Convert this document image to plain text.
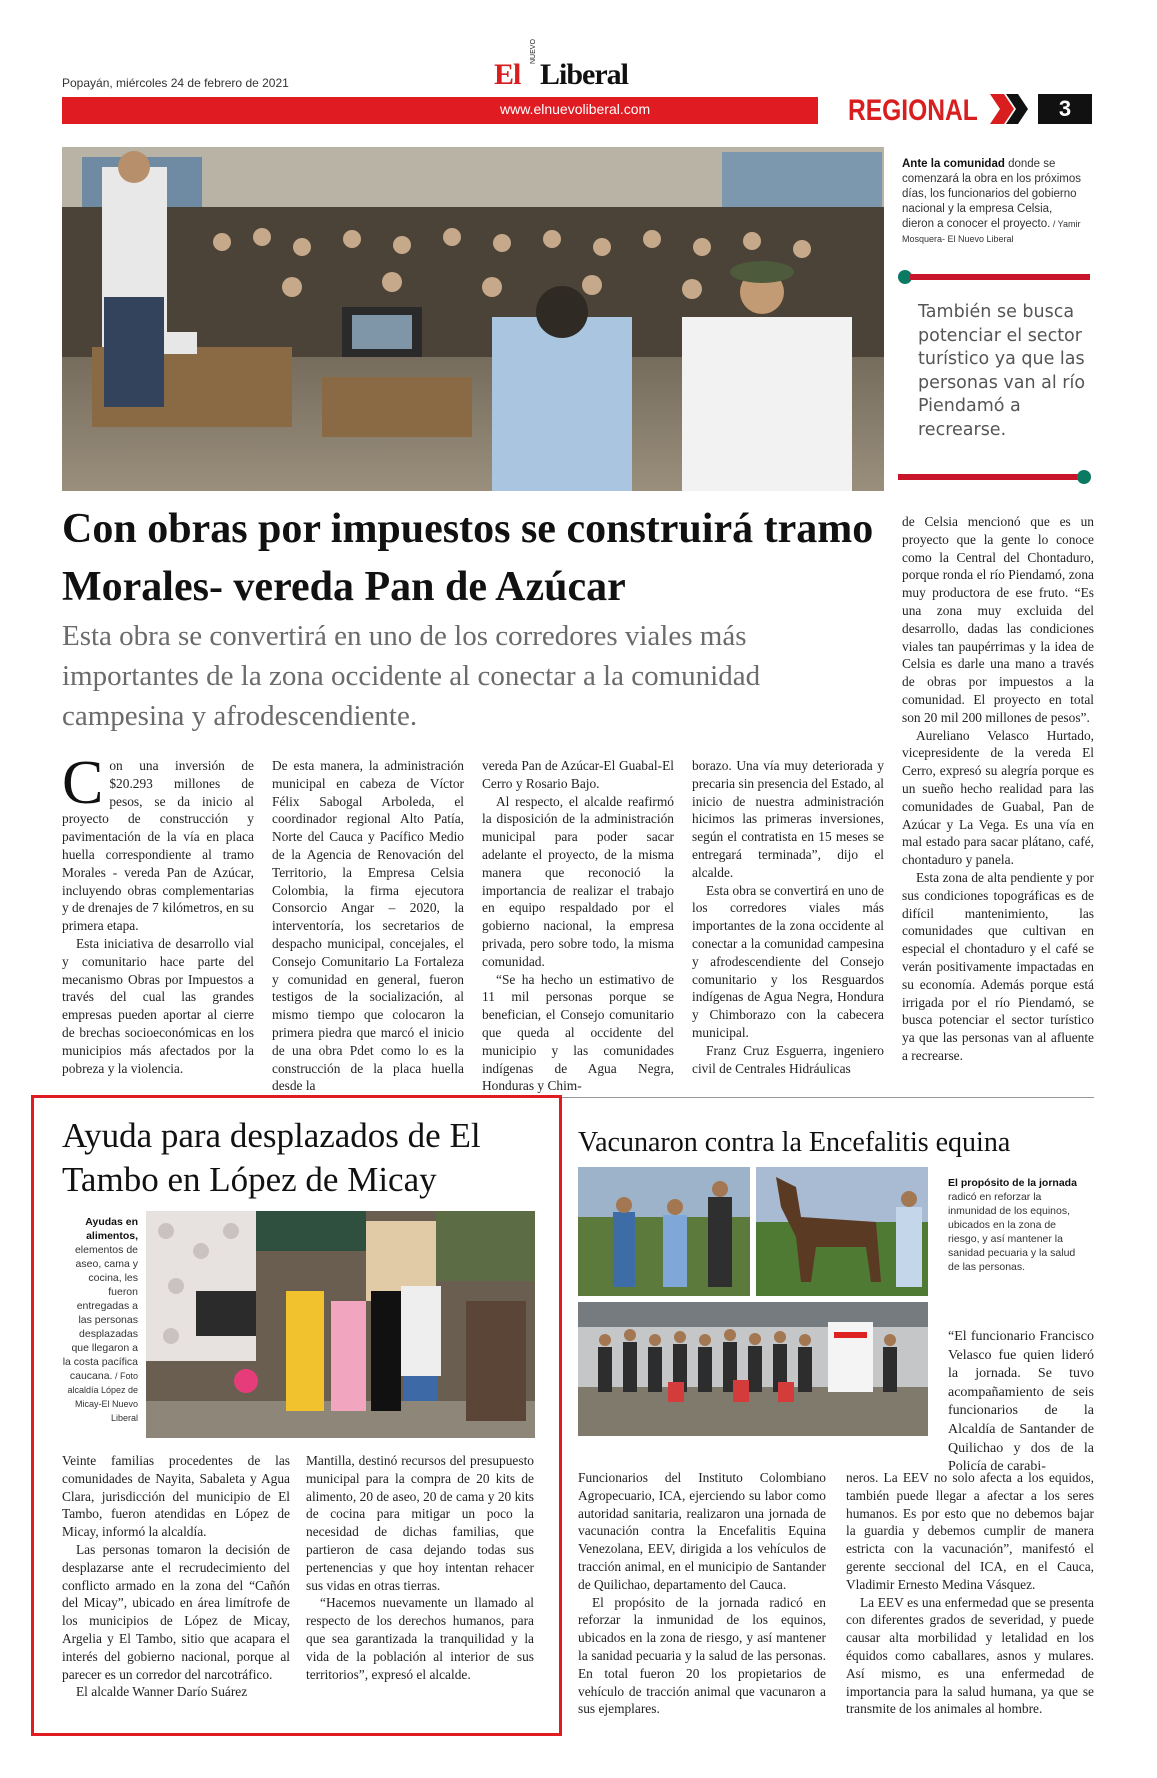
Popayán, miércoles 24 de febrero de 2021	El
NUEVO
Liberal
www.elnuevoliberal.com	REGIONAL	3
Ante la comunidad donde se comenzará la obra en los próximos días, los funcionarios del gobierno nacional y la empresa Celsia, dieron a conocer el proyecto. / Yamir Mosquera- El Nuevo Liberal
También se busca potenciar el sector turístico ya que las personas van al río Piendamó a recrearse.
Con obras por impuestos se construirá tramo Morales- vereda Pan de Azúcar
Esta obra se convertirá en uno de los corredores viales más importantes de la zona occidente al conectar a la comunidad campesina y afrodescendiente.

Con una inversión de $20.293 millones de pesos, se da inicio al proyecto de construcción y pavimentación de la vía en placa huella correspondiente al tramo Morales - vereda Pan de Azúcar, incluyendo obras complementarias y de drenajes de 7 kilómetros, en su primera etapa.

Esta iniciativa de desarrollo vial y comunitario hace parte del mecanismo Obras por Impuestos a través del cual las grandes empresas pueden aportar al cierre de brechas socioeconómicas en los municipios más afectados por la pobreza y la violencia.

De esta manera, la administración municipal en cabeza de Víctor Félix Sabogal Arboleda, el coordinador regional Alto Patía, Norte del Cauca y Pacífico Medio de la Agencia de Renovación del Territorio, la Empresa Celsia Colombia, la firma ejecutora Consorcio Angar – 2020, la interventoría, los secretarios de despacho municipal, concejales, el Consejo Comunitario La Fortaleza y comunidad en general, fueron testigos de la socialización, al mismo tiempo que colocaron la primera piedra que marcó el inicio de una obra Pdet como lo es la construcción de la placa huella desde la

vereda Pan de Azúcar-El Guabal-El Cerro y Rosario Bajo.

Al respecto, el alcalde reafirmó la disposición de la administración municipal para poder sacar adelante el proyecto, de la misma manera que reconoció la importancia de realizar el trabajo en equipo respaldado por el gobierno nacional, la empresa privada, pero sobre todo, la misma comunidad.

“Se ha hecho un estimativo de 11 mil personas porque se benefician, el Consejo comunitario que queda al occidente del municipio y las comunidades indígenas de Agua Negra, Honduras y Chim-

borazo. Una vía muy deteriorada y precaria sin presencia del Estado, al inicio de nuestra administración hicimos las primeras inversiones, según el contratista en 15 meses se entregará terminada”, dijo el alcalde.

Esta obra se convertirá en uno de los corredores viales más importantes de la zona occidente al conectar a la comunidad campesina y afrodescendiente del Consejo comunitario y los Resguardos indígenas de Agua Negra, Hondura y Chimborazo con la cabecera municipal.

Franz Cruz Esguerra, ingeniero civil de Centrales Hidráulicas

de Celsia mencionó que es un proyecto que la gente lo conoce como la Central del Chontaduro, porque ronda el río Piendamó, zona muy productora de ese fruto. “Es una zona muy excluida del desarrollo, dadas las condiciones viales tan paupérrimas y la idea de Celsia es darle una mano a través de obras por impuestos a la comunidad. El proyecto en total son 20 mil 200 millones de pesos”.

Aureliano Velasco Hurtado, vicepresidente de la vereda El Cerro, expresó su alegría porque es un sueño hecho realidad para las comunidades de Guabal, Pan de Azúcar y La Vega. Es una vía en mal estado para sacar plátano, café, chontaduro y panela.

Esta zona de alta pendiente y por sus condiciones topográficas es de difícil mantenimiento, las comunidades que cultivan en especial el chontaduro y el café se verán positivamente impactadas en su economía. Además porque está irrigada por el río Piendamó, se busca potenciar el sector turístico ya que las personas van al afluente a recrearse.

Ayuda para desplazados de El Tambo en López de Micay
Ayudas en alimentos, elementos de aseo, cama y cocina, les fueron entregadas a las personas desplazadas que llegaron a la costa pacífica caucana. / Foto alcaldía López de Micay-El Nuevo Liberal

Veinte familias procedentes de las comunidades de Nayita, Sabaleta y Agua Clara, jurisdicción del municipio de El Tambo, fueron atendidas en López de Micay, informó la alcaldía.

Las personas tomaron la decisión de desplazarse ante el recrudecimiento del conflicto armado en la zona del “Cañón del Micay”, ubicado en área limítrofe de los municipios de López de Micay, Argelia y El Tambo, sitio que acapara el interés del gobierno nacional, porque al parecer es un corredor del narcotráfico.

El alcalde Wanner Darío Suárez

Mantilla, destinó recursos del presupuesto municipal para la compra de 20 kits de alimento, 20 de aseo, 20 de cama y 20 kits de cocina para mitigar un poco la necesidad de dichas familias, que partieron de casa dejando todas sus pertenencias y que hoy intentan rehacer sus vidas en otras tierras.

“Hacemos nuevamente un llamado al respecto de los derechos humanos, para que sea garantizada la tranquilidad y la vida de la población al interior de sus territorios”, expresó el alcalde.

Vacunaron contra la Encefalitis equina
El propósito de la jornada radicó en reforzar la inmunidad de los equinos, ubicados en la zona de riesgo, y así mantener la sanidad pecuaria y la salud de las personas.
“El funcionario Francisco Velasco fue quien lideró la jornada. Se tuvo acompañamiento de seis funcionarios de la Alcaldía de Santander de Quilichao y dos de la Policía de carabi-

Funcionarios del Instituto Colombiano Agropecuario, ICA, ejerciendo su labor como autoridad sanitaria, realizaron una jornada de vacunación contra la Encefalitis Equina Venezolana, EEV, dirigida a los vehículos de tracción animal, en el municipio de Santander de Quilichao, departamento del Cauca.

El propósito de la jornada radicó en reforzar la inmunidad de los equinos, ubicados en la zona de riesgo, y así mantener la sanidad pecuaria y la salud de las personas. En total fueron 20 los propietarios de vehículo de tracción animal que vacunaron a sus ejemplares.

neros. La EEV no solo afecta a los equidos, también puede llegar a afectar a los seres humanos. Es por esto que no debemos bajar la guardia y debemos cumplir de manera estricta con la vacunación”, manifestó el gerente seccional del ICA, en el Cauca, Vladimir Ernesto Medina Vásquez.

La EEV es una enfermedad que se presenta con diferentes grados de severidad, y puede causar alta morbilidad y letalidad en los équidos como caballares, asnos y mulares. Así mismo, es una enfermedad de importancia para la salud humana, ya que se transmite de los animales al hombre.
